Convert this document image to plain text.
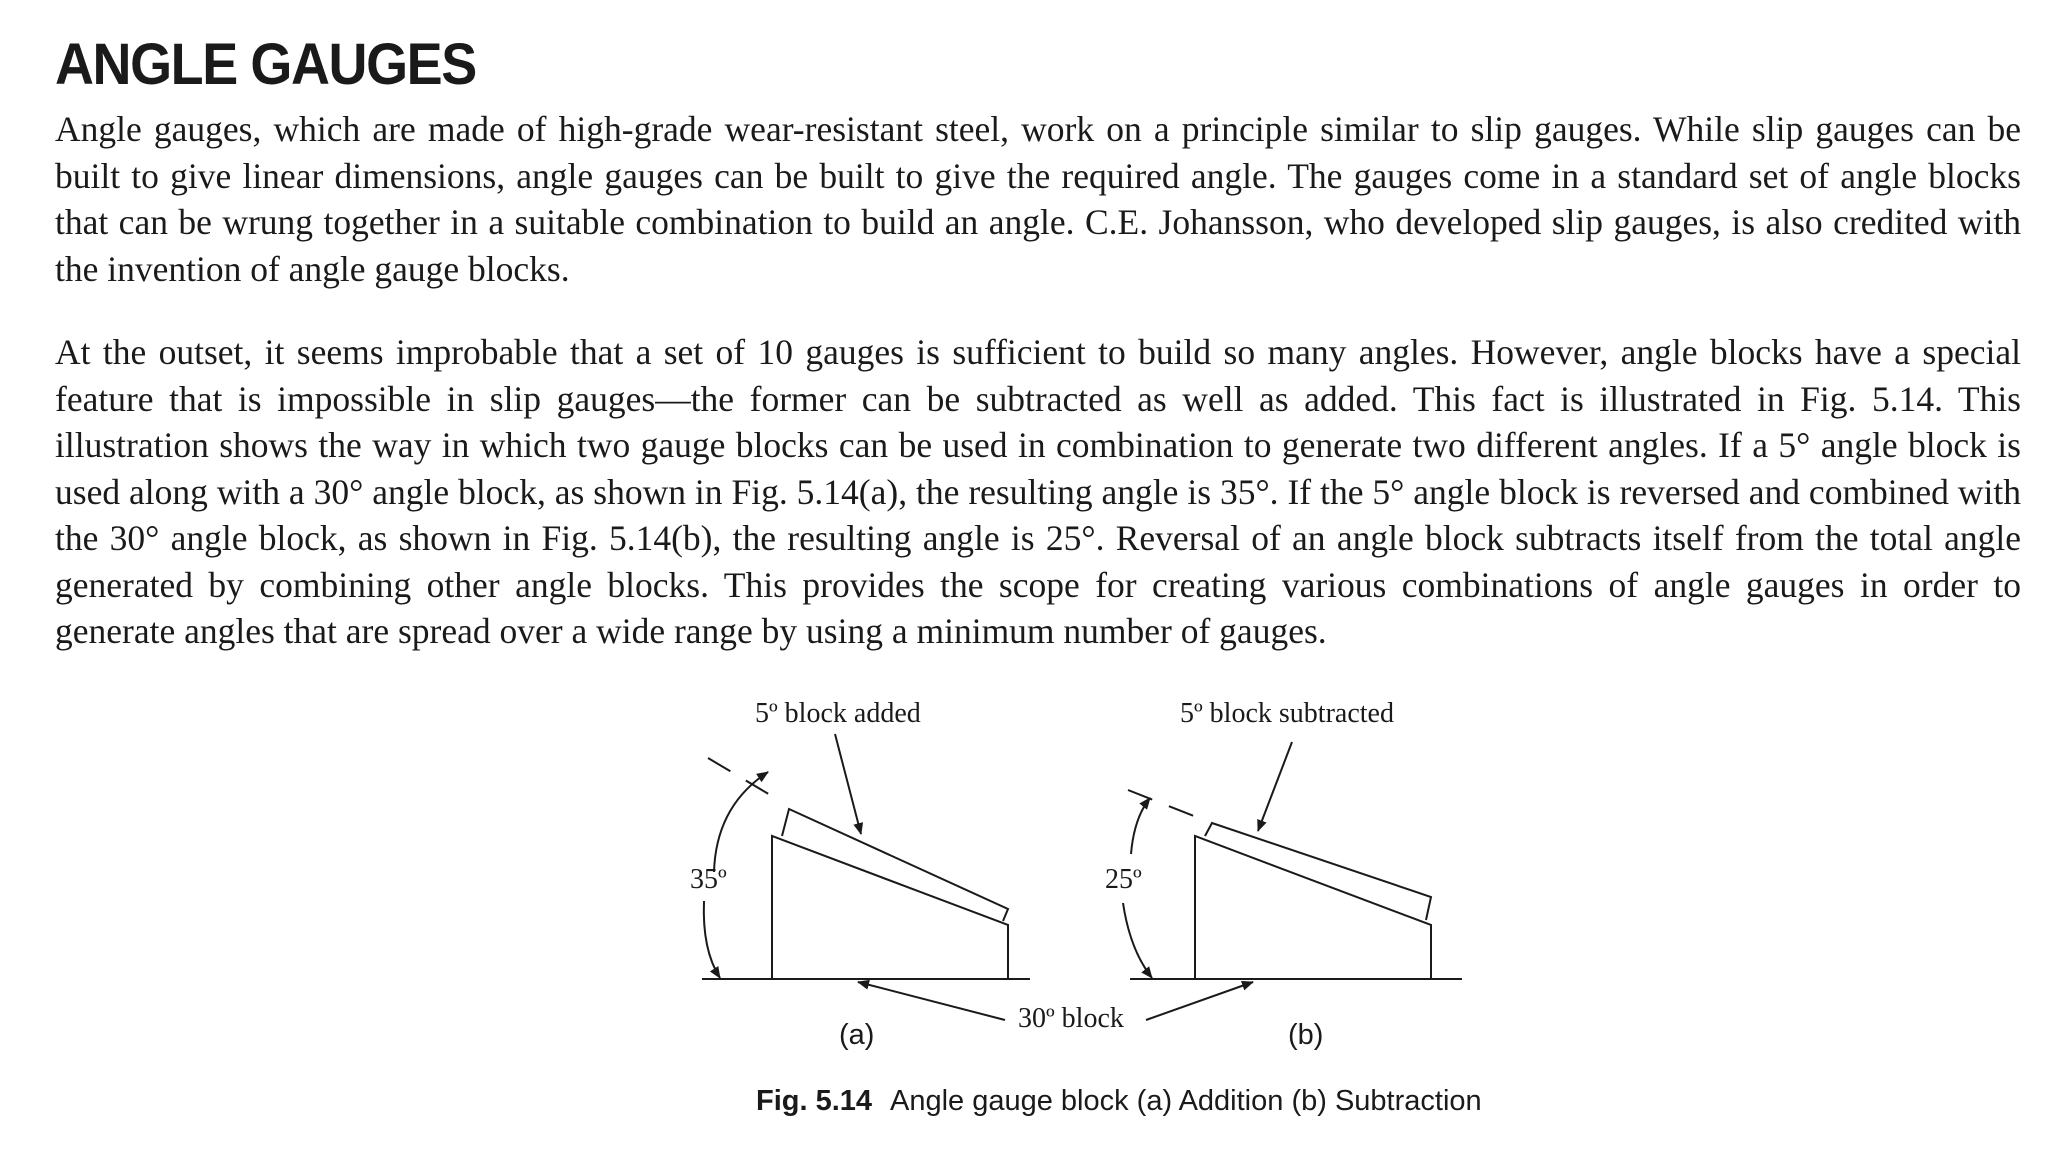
ANGLE GAUGES

Angle gauges, which are made of high-grade wear-resistant steel, work on a principle similar to slip gauges. While slip gauges can be built to give linear dimensions, angle gauges can be built to give the required angle. The gauges come in a standard set of angle blocks that can be wrung together in a suitable combination to build an angle. C.E. Johansson, who developed slip gauges, is also credited with the invention of angle gauge blocks.

At the outset, it seems improbable that a set of 10 gauges is sufficient to build so many angles. However, angle blocks have a special feature that is impossible in slip gauges—the former can be subtracted as well as added. This fact is illustrated in Fig. 5.14. This illustration shows the way in which two gauge blocks can be used in combination to generate two different angles. If a 5° angle block is used along with a 30° angle block, as shown in Fig. 5.14(a), the resulting angle is 35°. If the 5° angle block is reversed and combined with the 30° angle block, as shown in Fig. 5.14(b), the resulting angle is 25°. Reversal of an angle block subtracts itself from the total angle generated by combining other angle blocks. This provides the scope for creating various combinations of angle gauges in order to generate angles that are spread over a wide range by using a minimum number of gauges.

5º block added	5º block subtracted
35º	25º
30º block
(a)	(b)
Fig. 5.14 Angle gauge block (a) Addition (b) Subtraction
